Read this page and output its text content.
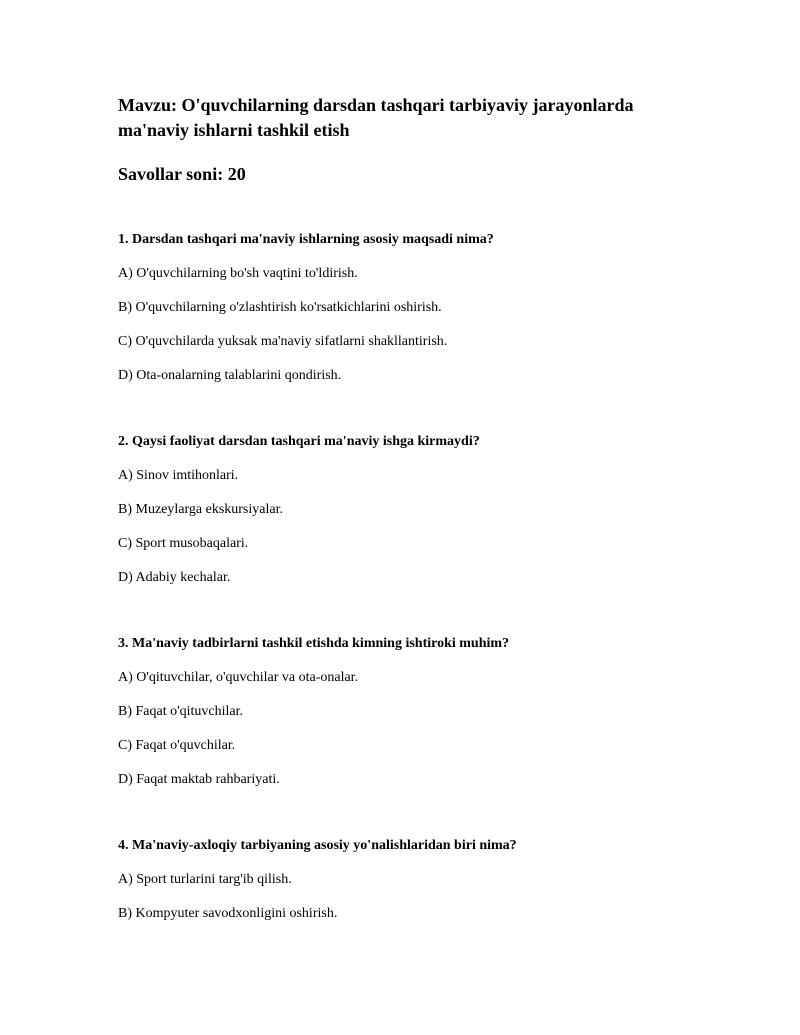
Mavzu: O'quvchilarning darsdan tashqari tarbiyaviy jarayonlarda
ma'naviy ishlarni tashkil etish

Savollar soni: 20

1. Darsdan tashqari ma'naviy ishlarning asosiy maqsadi nima?

A) O'quvchilarning bo'sh vaqtini to'ldirish.

B) O'quvchilarning o'zlashtirish ko'rsatkichlarini oshirish.

C) O'quvchilarda yuksak ma'naviy sifatlarni shakllantirish.

D) Ota-onalarning talablarini qondirish.

2. Qaysi faoliyat darsdan tashqari ma'naviy ishga kirmaydi?

A) Sinov imtihonlari.

B) Muzeylarga ekskursiyalar.

C) Sport musobaqalari.

D) Adabiy kechalar.

3. Ma'naviy tadbirlarni tashkil etishda kimning ishtiroki muhim?

A) O'qituvchilar, o'quvchilar va ota-onalar.

B) Faqat o'qituvchilar.

C) Faqat o'quvchilar.

D) Faqat maktab rahbariyati.

4. Ma'naviy-axloqiy tarbiyaning asosiy yo'nalishlaridan biri nima?

A) Sport turlarini targ'ib qilish.

B) Kompyuter savodxonligini oshirish.
